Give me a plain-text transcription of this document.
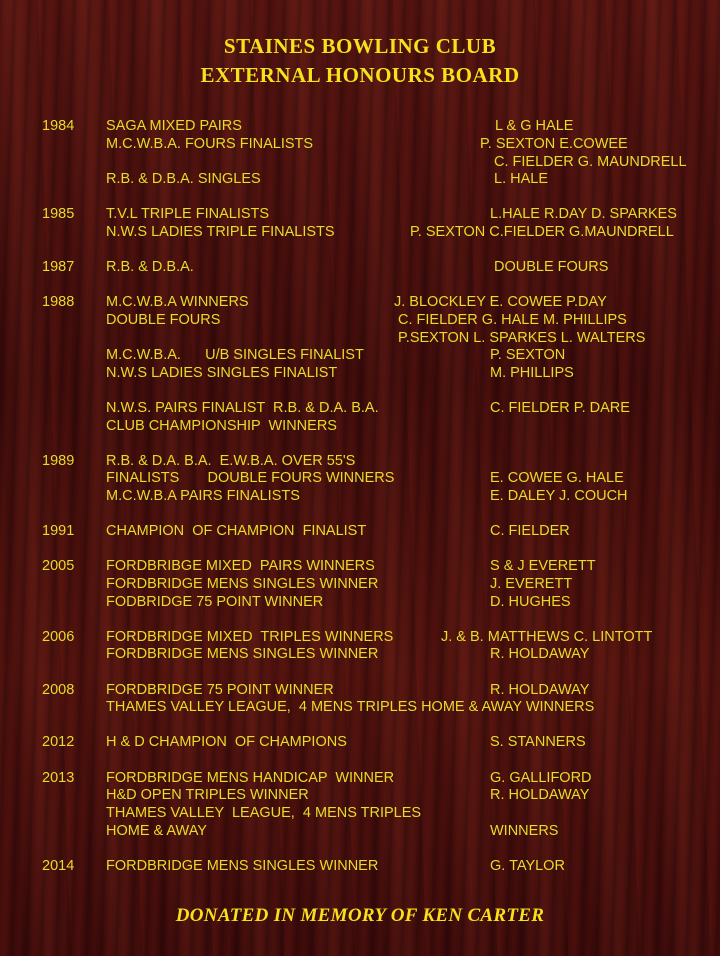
STAINES BOWLING CLUB
EXTERNAL HONOURS BOARD
1984 SAGA MIXED PAIRS	L & G HALE
M.C.W.B.A. FOURS FINALISTS	P. SEXTON E.COWEE
C. FIELDER G. MAUNDRELL
R.B. & D.B.A. SINGLES	L. HALE
1985 T.V.L TRIPLE FINALISTS	L.HALE R.DAY D. SPARKES
N.W.S LADIES TRIPLE FINALISTS	P. SEXTON C.FIELDER G.MAUNDRELL
1987 R.B. & D.B.A.	DOUBLE FOURS
1988 M.C.W.B.A WINNERS	J. BLOCKLEY E. COWEE P.DAY
DOUBLE FOURS	C. FIELDER G. HALE M. PHILLIPS
P.SEXTON L. SPARKES L. WALTERS
M.C.W.B.A.      U/B SINGLES FINALIST	P. SEXTON
N.W.S LADIES SINGLES FINALIST	M. PHILLIPS
N.W.S. PAIRS FINALIST  R.B. & D.A. B.A.	C. FIELDER P. DARE
CLUB CHAMPIONSHIP  WINNERS
1989 R.B. & D.A. B.A.  E.W.B.A. OVER 55'S
FINALISTS       DOUBLE FOURS WINNERS	E. COWEE G. HALE
M.C.W.B.A PAIRS FINALISTS	E. DALEY J. COUCH
1991 CHAMPION  OF CHAMPION  FINALIST	C. FIELDER
2005 FORDBRIBGE MIXED  PAIRS WINNERS	S & J EVERETT
FORDBRIDGE MENS SINGLES WINNER	J. EVERETT
FODBRIDGE 75 POINT WINNER	D. HUGHES
2006 FORDBRIDGE MIXED  TRIPLES WINNERS	J. & B. MATTHEWS C. LINTOTT
FORDBRIDGE MENS SINGLES WINNER	R. HOLDAWAY
2008 FORDBRIDGE 75 POINT WINNER	R. HOLDAWAY
THAMES VALLEY LEAGUE,  4 MENS TRIPLES HOME & AWAY WINNERS
2012 H & D CHAMPION  OF CHAMPIONS	S. STANNERS
2013 FORDBRIDGE MENS HANDICAP  WINNER	G. GALLIFORD
H&D OPEN TRIPLES WINNER	R. HOLDAWAY
THAMES VALLEY  LEAGUE,  4 MENS TRIPLES
HOME & AWAY	WINNERS
2014 FORDBRIDGE MENS SINGLES WINNER	G. TAYLOR
DONATED IN MEMORY OF KEN CARTER
